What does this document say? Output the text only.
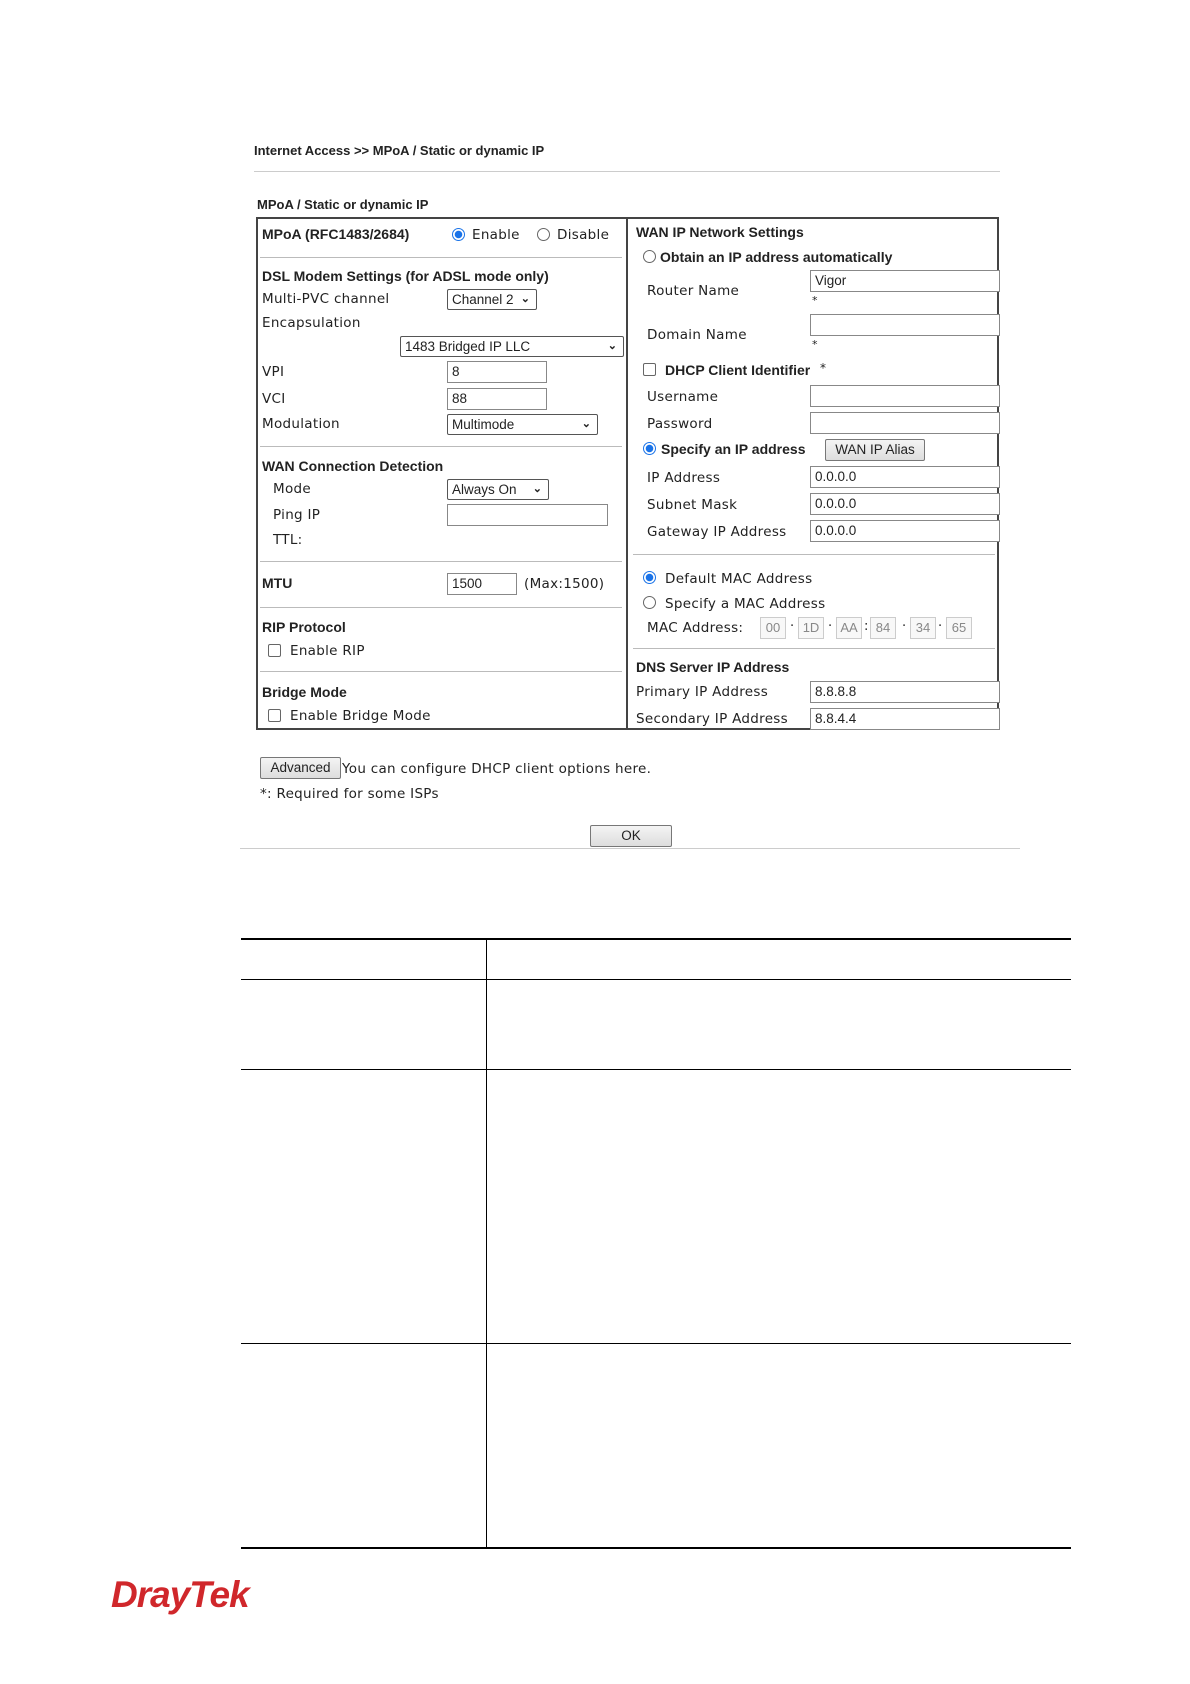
Internet Access >> MPoA / Static or dynamic IP
MPoA / Static or dynamic IP
MPoA (RFC1483/2684)	Enable	Disable
DSL Modem Settings (for ADSL mode only)
Multi-PVC channel	Channel 2 ⌄
Encapsulation
1483 Bridged IP LLC	⌄
VPI	8
VCI	88
Modulation	Multimode	⌄
WAN Connection Detection
Mode	Always On ⌄
Ping IP
TTL:
MTU	1500	(Max:1500)
RIP Protocol
Enable RIP
Bridge Mode
Enable Bridge Mode
WAN IP Network Settings
Obtain an IP address automatically
Router Name
Vigor
*
Domain Name
*
DHCP Client Identifier *
Username
Password
Specify an IP address	WAN IP Alias
IP Address	0.0.0.0
Subnet Mask	0.0.0.0
Gateway IP Address	0.0.0.0
Default MAC Address
Specify a MAC Address
MAC Address:	00 · 1D · AA : 84 · 34 · 65
DNS Server IP Address
Primary IP Address	8.8.8.8
Secondary IP Address	8.8.4.4
Advanced You can configure DHCP client options here.
*: Required for some ISPs
OK
DrayTek
